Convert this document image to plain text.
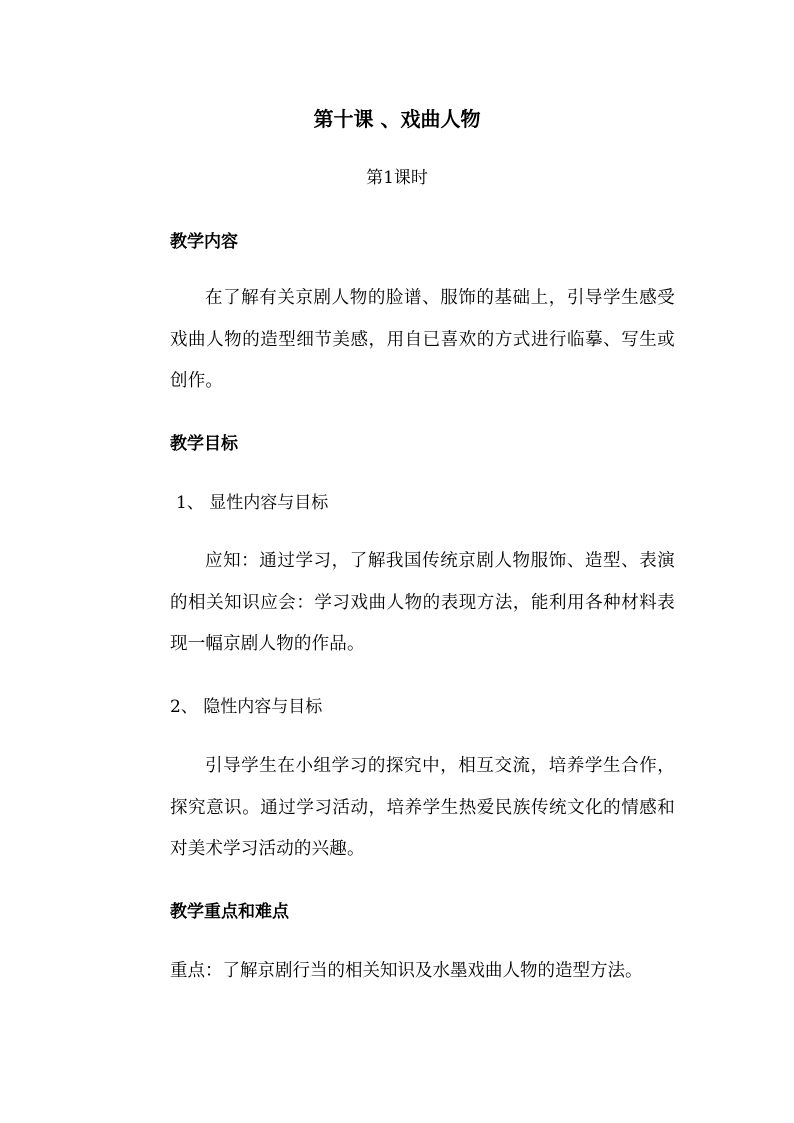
第十课 、戏曲人物
第1课时
教学内容
在了解有关京剧人物的脸谱、服饰的基础上，引导学生感受戏曲人物的造型细节美感，用自已喜欢的方式进行临摹、写生或创作。
教学目标
1、 显性内容与目标
应知：通过学习，了解我国传统京剧人物服饰、造型、表演的相关知识应会：学习戏曲人物的表现方法，能利用各种材料表现一幅京剧人物的作品。
2、 隐性内容与目标
引导学生在小组学习的探究中，相互交流，培养学生合作，探究意识。通过学习活动，培养学生热爱民族传统文化的情感和对美术学习活动的兴趣。
教学重点和难点
重点：了解京剧行当的相关知识及水墨戏曲人物的造型方法。
